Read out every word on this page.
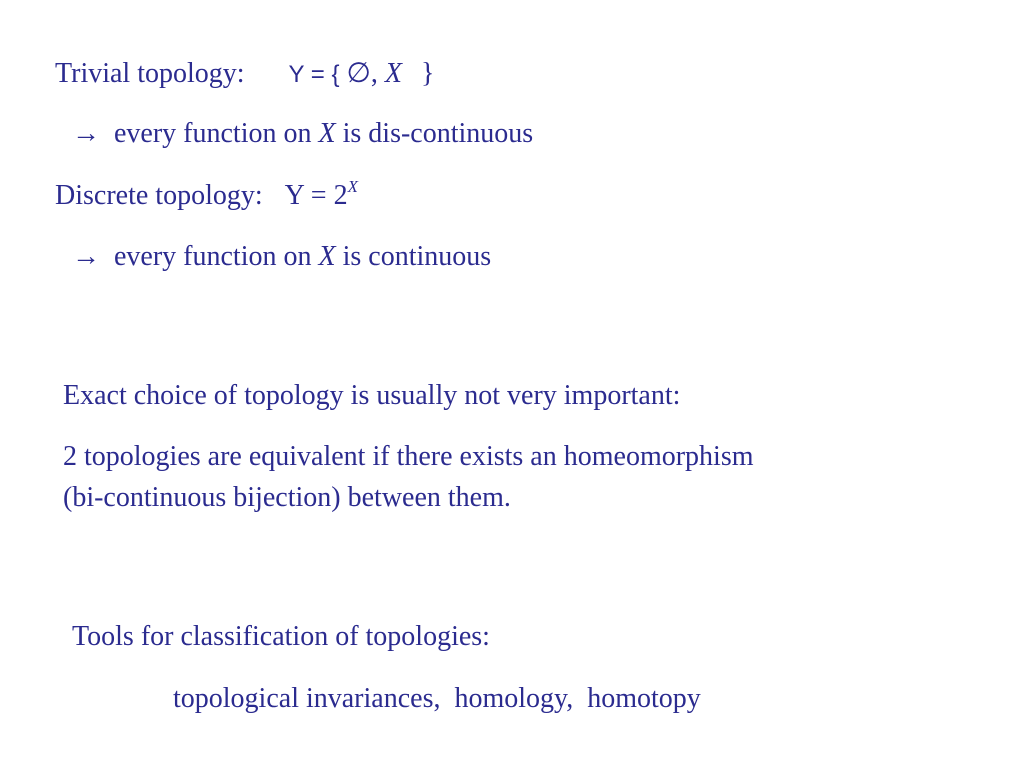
Trivial topology: Y = { ∅, X }
→ every function on X is dis-continuous
Discrete topology: $Y = 2^X$
→ every function on X is continuous
Exact choice of topology is usually not very important:
2 topologies are equivalent if there exists an homeomorphism
(bi-continuous bijection) between them.
Tools for classification of topologies:
topological invariances,  homology,  homotopy
